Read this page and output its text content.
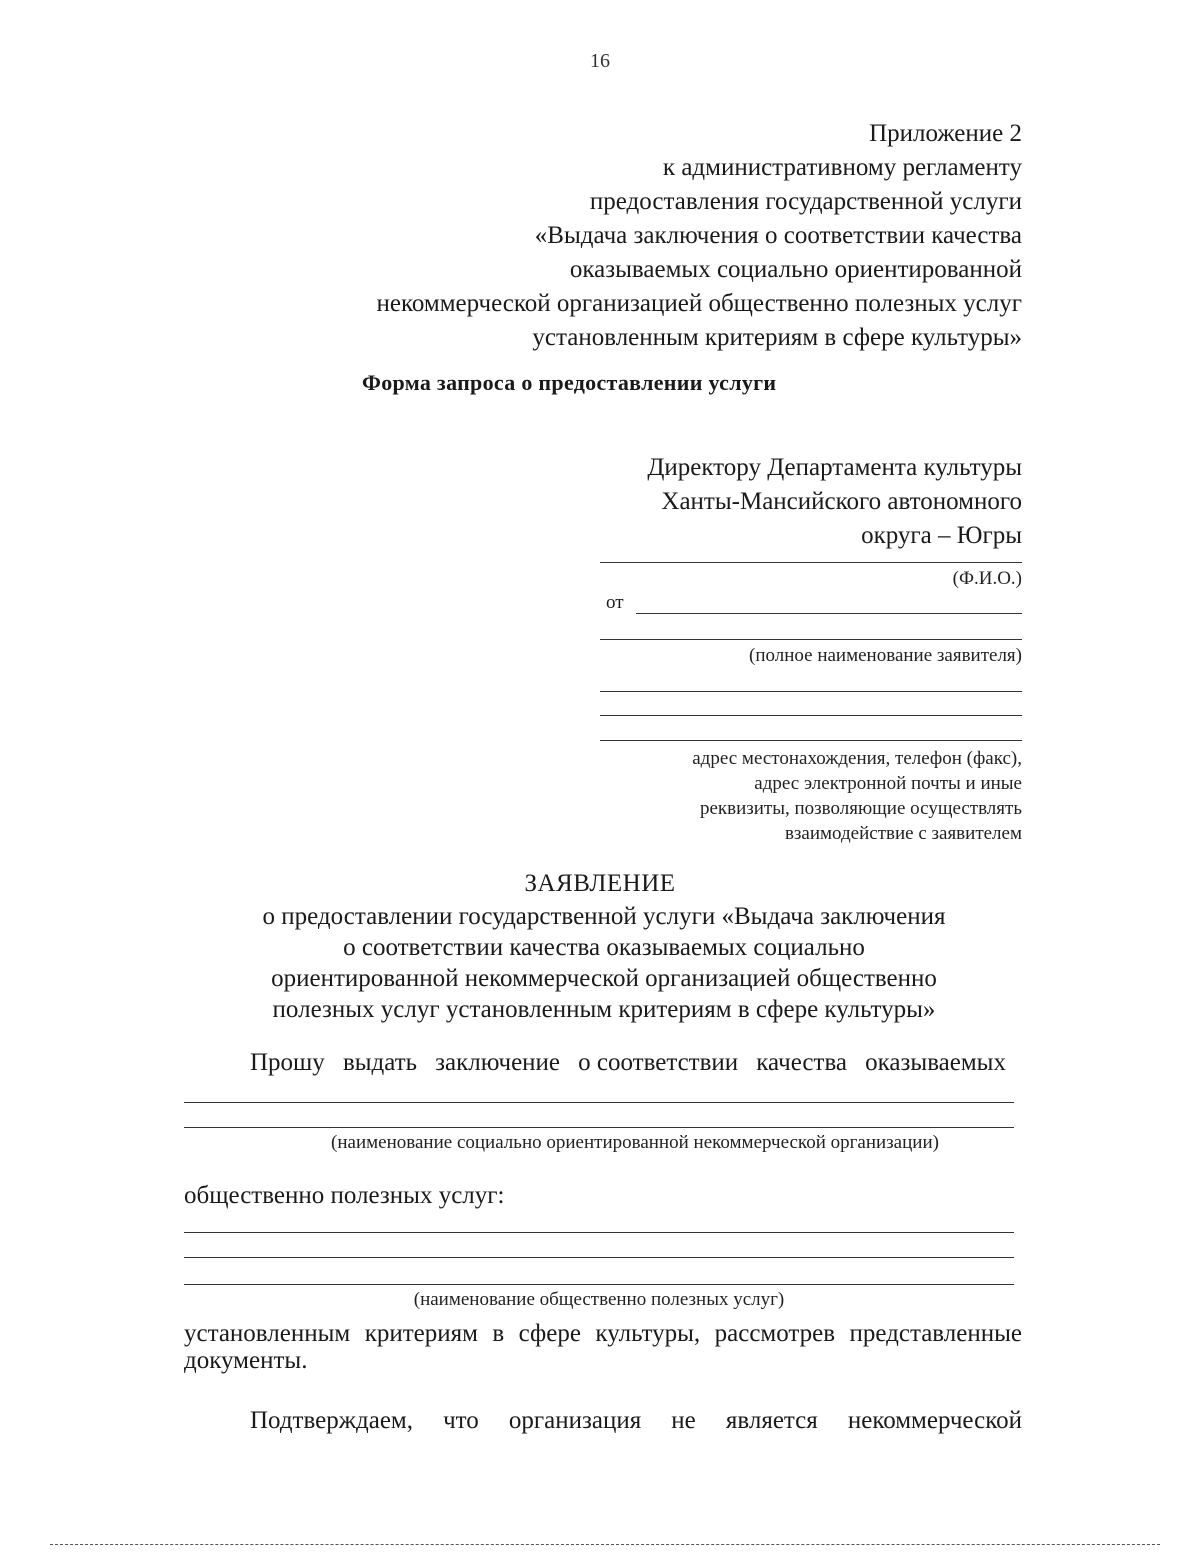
16
Приложение 2
к административному регламенту
предоставления государственной услуги
«Выдача заключения о соответствии качества
оказываемых социально ориентированной
некоммерческой организацией общественно полезных услуг
установленным критериям в сфере культуры»
Форма запроса о предоставлении услуги
Директору Департамента культуры
Ханты-Мансийского автономного
округа – Югры
(Ф.И.О.)
от
(полное наименование заявителя)
адрес местонахождения, телефон (факс),
адрес электронной почты и иные
реквизиты, позволяющие осуществлять
взаимодействие с заявителем
ЗАЯВЛЕНИЕ
о предоставлении государственной услуги «Выдача заключения
о соответствии качества оказываемых социально
ориентированной некоммерческой организацией общественно
полезных услуг установленным критериям в сфере культуры»
Прошу выдать заключение о соответствии качества оказываемых
(наименование социально ориентированной некоммерческой организации)
общественно полезных услуг:
(наименование общественно полезных услуг)
установленным критериям в сфере культуры, рассмотрев представленные
документы.
Подтверждаем, что организация не является некоммерческой
